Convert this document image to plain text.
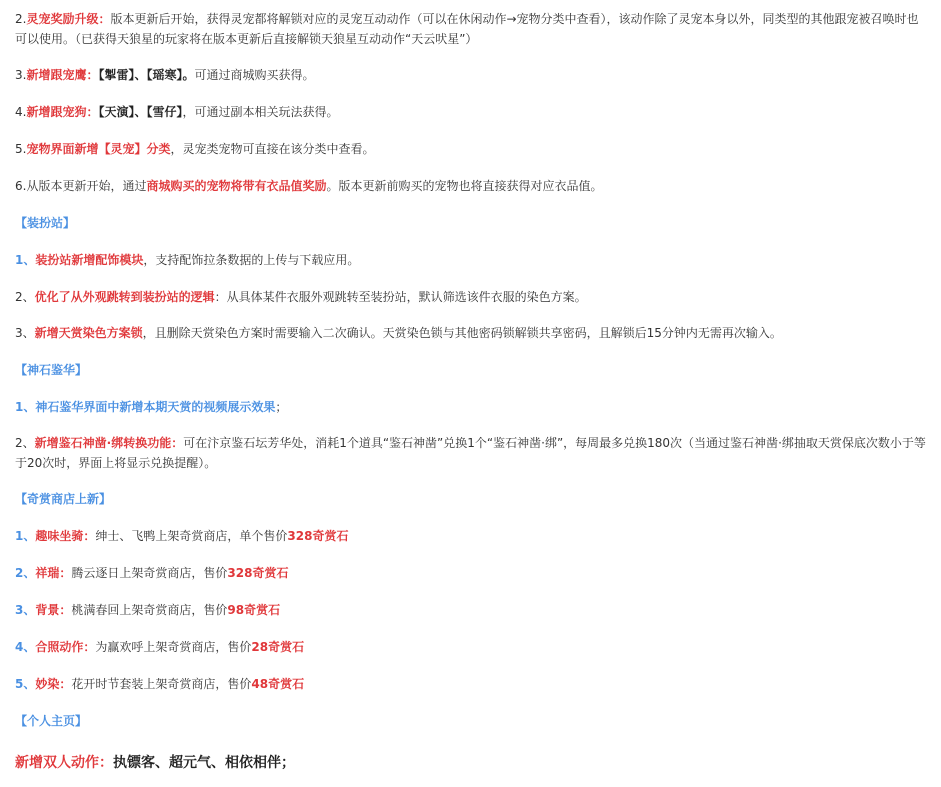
2.灵宠奖励升级：版本更新后开始，获得灵宠都将解锁对应的灵宠互动动作（可以在休闲动作→宠物分类中查看），该动作除了灵宠本身以外，同类型的其他跟宠被召唤时也可以使用。（已获得天狼星的玩家将在版本更新后直接解锁天狼星互动动作“天云吠星”）
3.新增跟宠鹰：【掣雷】、【瑶寒】。可通过商城购买获得。
4.新增跟宠狗：【天演】、【雪仔】，可通过副本相关玩法获得。
5.宠物界面新增【灵宠】分类，灵宠类宠物可直接在该分类中查看。
6.从版本更新开始，通过商城购买的宠物将带有衣品值奖励。版本更新前购买的宠物也将直接获得对应衣品值。
【装扮站】
1、装扮站新增配饰模块，支持配饰拉条数据的上传与下载应用。
2、优化了从外观跳转到装扮站的逻辑：从具体某件衣服外观跳转至装扮站，默认筛选该件衣服的染色方案。
3、新增天赏染色方案锁，且删除天赏染色方案时需要输入二次确认。天赏染色锁与其他密码锁解锁共享密码，且解锁后15分钟内无需再次输入。
【神石鉴华】
1、神石鉴华界面中新增本期天赏的视频展示效果；
2、新增鉴石神凿·绑转换功能：可在汴京鉴石坛芳华处，消耗1个道具“鉴石神凿”兑换1个“鉴石神凿·绑”，每周最多兑换180次（当通过鉴石神凿·绑抽取天赏保底次数小于等于20次时，界面上将显示兑换提醒）。
【奇赏商店上新】
1、趣味坐骑：绅士、飞鸭上架奇赏商店，单个售价328奇赏石
2、祥瑞：腾云逐日上架奇赏商店，售价328奇赏石
3、背景：桃满春回上架奇赏商店，售价98奇赏石
4、合照动作：为赢欢呼上架奇赏商店，售价28奇赏石
5、妙染：花开时节套装上架奇赏商店，售价48奇赏石
【个人主页】
新增双人动作：执镖客、超元气、相依相伴；
